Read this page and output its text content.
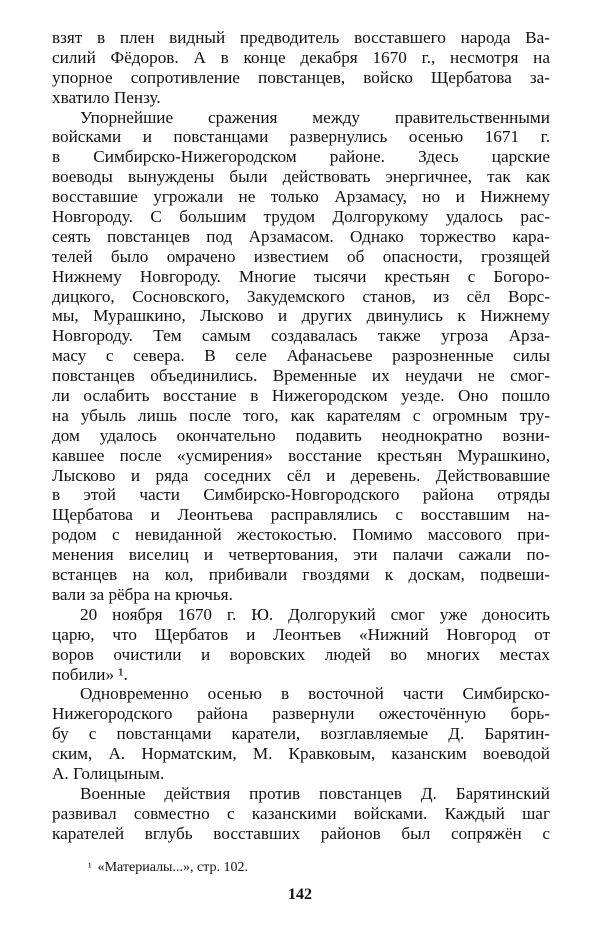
взят в плен видный предводитель восставшего народа Ва-
силий Фёдоров. А в конце декабря 1670 г., несмотря на
упорное сопротивление повстанцев, войско Щербатова за-
хватило Пензу.
Упорнейшие сражения между правительственными
войсками и повстанцами развернулись осенью 1671 г.
в Симбирско-Нижегородском районе. Здесь царские
воеводы вынуждены были действовать энергичнее, так как
восставшие угрожали не только Арзамасу, но и Нижнему
Новгороду. С большим трудом Долгорукому удалось рас-
сеять повстанцев под Арзамасом. Однако торжество карa-
телей было омрачено известием об опасности, грозящей
Нижнему Новгороду. Многие тысячи крестьян с Богоро-
дицкого, Сосновского, Закудемского станов, из сёл Ворс-
мы, Мурашкино, Лысково и других двинулись к Нижнему
Новгороду. Тем самым создавалась также угроза Арза-
масу с севера. В селе Афанасьеве разрозненные силы
повстанцев объединились. Временные их неудачи не смог-
ли ослабить восстание в Нижегородском уезде. Оно пошло
на убыль лишь после того, как карателям с огромным тру-
дом удалось окончательно подавить неоднократно возни-
кавшее после «усмирения» восстание крестьян Мурашкино,
Лысково и ряда соседних сёл и деревень. Действовавшие
в этой части Симбирско-Новгородского района отряды
Щербатова и Леонтьева расправлялись с восставшим на-
родом с невиданной жестокостью. Помимо массового при-
менения виселиц и четвертования, эти палачи сажали по-
встанцев на кол, прибивали гвоздями к доскам, подвеши-
вали за рёбра на крючья.
20 ноября 1670 г. Ю. Долгорукий смог уже доносить
царю, что Щербатов и Леонтьев «Нижний Новгород от
воров очистили и воровских людей во многих местах
побили» ¹.
Одновременно осенью в восточной части Симбирско-
Нижегородского района развернули ожесточённую борь-
бу с повстанцами каратели, возглавляемые Д. Барятин-
ским, А. Норматским, М. Кравковым, казанским воеводой
А. Голицыным.
Военные действия против повстанцев Д. Барятинский
развивал совместно с казанскими войсками. Каждый шаг
карателей вглубь восставших районов был сопряжён с
¹ «Материалы...», стр. 102.
142
